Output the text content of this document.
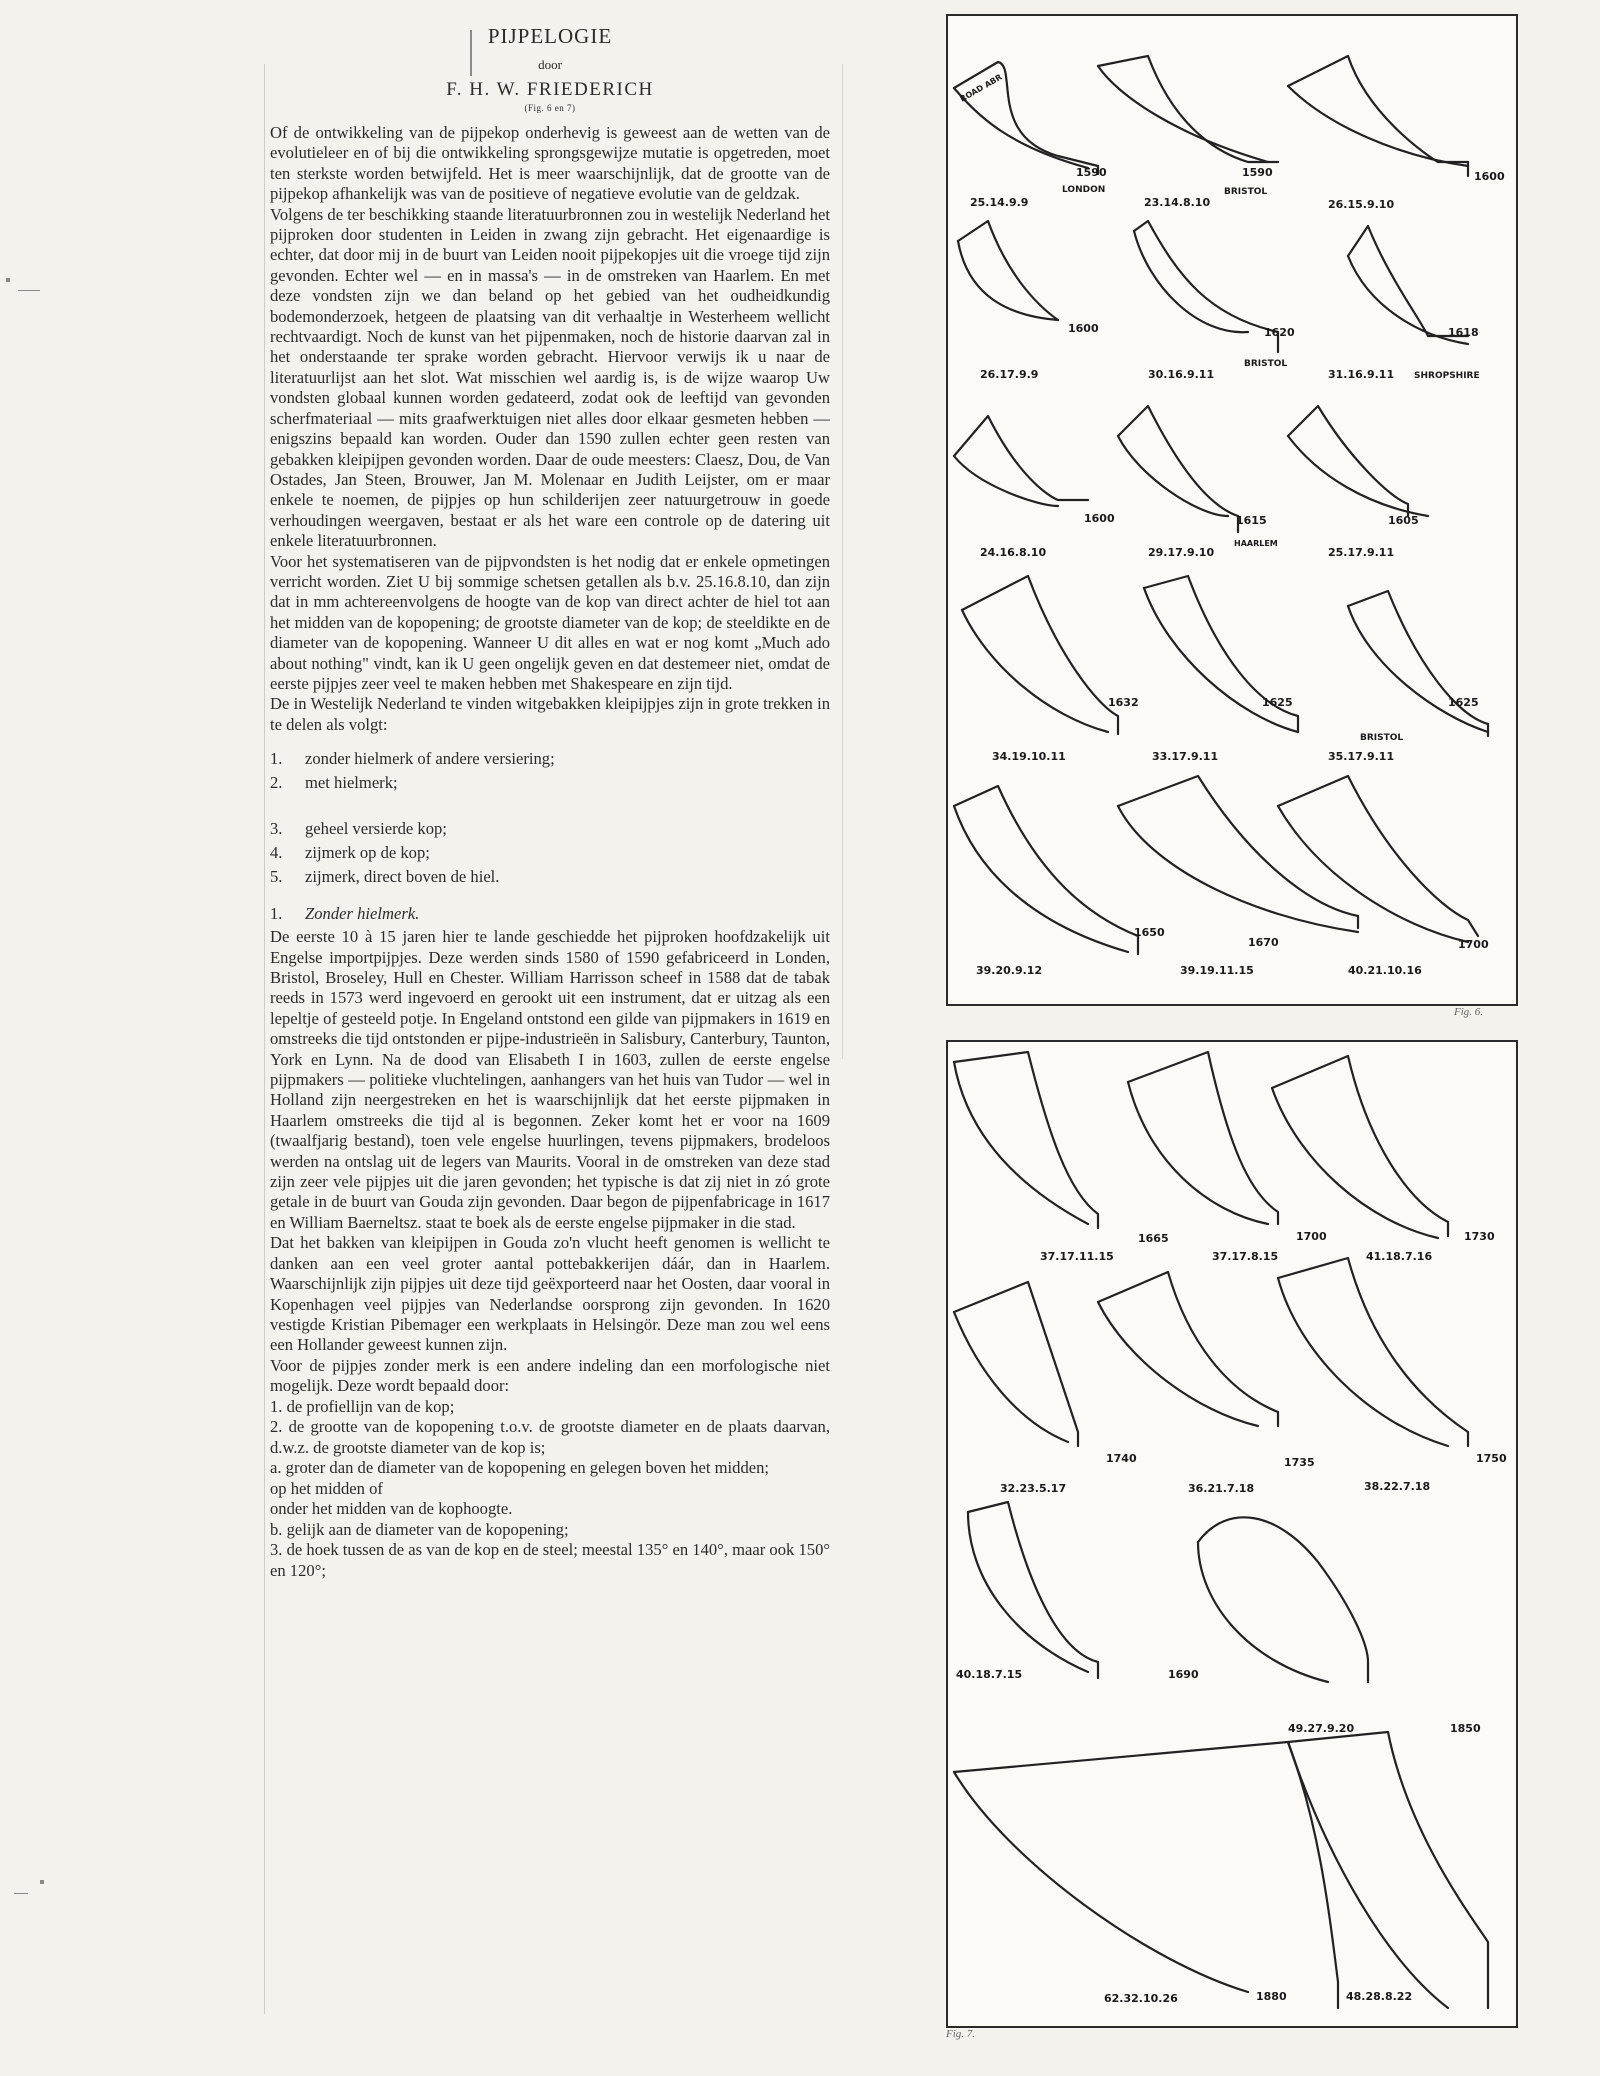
PIJPELOGIE
door
F. H. W. FRIEDERICH
(Fig. 6 en 7)

Of de ontwikkeling van de pijpekop onderhevig is geweest aan de wetten van de evolutieleer en of bij die ontwikkeling sprongsgewijze mutatie is opgetreden, moet ten sterkste worden betwijfeld. Het is meer waarschijnlijk, dat de grootte van de pijpekop afhankelijk was van de positieve of negatieve evolutie van de geldzak.

Volgens de ter beschikking staande literatuurbronnen zou in westelijk Nederland het pijproken door studenten in Leiden in zwang zijn gebracht. Het eigenaardige is echter, dat door mij in de buurt van Leiden nooit pijpekopjes uit die vroege tijd zijn gevonden. Echter wel — en in massa's — in de omstreken van Haarlem. En met deze vondsten zijn we dan beland op het gebied van het oudheidkundig bodemonderzoek, hetgeen de plaatsing van dit verhaaltje in Westerheem wellicht rechtvaardigt. Noch de kunst van het pijpenmaken, noch de historie daarvan zal in het onderstaande ter sprake worden gebracht. Hiervoor verwijs ik u naar de literatuurlijst aan het slot. Wat misschien wel aardig is, is de wijze waarop Uw vondsten globaal kunnen worden gedateerd, zodat ook de leeftijd van gevonden scherfmateriaal — mits graafwerktuigen niet alles door elkaar gesmeten hebben — enigszins bepaald kan worden. Ouder dan 1590 zullen echter geen resten van gebakken kleipijpen gevonden worden. Daar de oude meesters: Claesz, Dou, de Van Ostades, Jan Steen, Brouwer, Jan M. Molenaar en Judith Leijster, om er maar enkele te noemen, de pijpjes op hun schilderijen zeer natuurgetrouw in goede verhoudingen weergaven, bestaat er als het ware een controle op de datering uit enkele literatuurbronnen.

Voor het systematiseren van de pijpvondsten is het nodig dat er enkele opmetingen verricht worden. Ziet U bij sommige schetsen getallen als b.v. 25.16.8.10, dan zijn dat in mm achtereenvolgens de hoogte van de kop van direct achter de hiel tot aan het midden van de kopopening; de grootste diameter van de kop; de steeldikte en de diameter van de kopopening. Wanneer U dit alles en wat er nog komt „Much ado about nothing" vindt, kan ik U geen ongelijk geven en dat destemeer niet, omdat de eerste pijpjes zeer veel te maken hebben met Shakespeare en zijn tijd.

De in Westelijk Nederland te vinden witgebakken kleipijpjes zijn in grote trekken in te delen als volgt:

1.	zonder hielmerk of andere versiering;
2.	met hielmerk;
3.	geheel versierde kop;
4.	zijmerk op de kop;
5.	zijmerk, direct boven de hiel.
1. Zonder hielmerk.

De eerste 10 à 15 jaren hier te lande geschiedde het pijproken hoofdzakelijk uit Engelse importpijpjes. Deze werden sinds 1580 of 1590 gefabriceerd in Londen, Bristol, Broseley, Hull en Chester. William Harrisson scheef in 1588 dat de tabak reeds in 1573 werd ingevoerd en gerookt uit een instrument, dat er uitzag als een lepeltje of gesteeld potje. In Engeland ontstond een gilde van pijpmakers in 1619 en omstreeks die tijd ontstonden er pijpe-industrieën in Salisbury, Canterbury, Taunton, York en Lynn. Na de dood van Elisabeth I in 1603, zullen de eerste engelse pijpmakers — politieke vluchtelingen, aanhangers van het huis van Tudor — wel in Holland zijn neergestreken en het is waarschijnlijk dat het eerste pijpmaken in Haarlem omstreeks die tijd al is begonnen. Zeker komt het er voor na 1609 (twaalfjarig bestand), toen vele engelse huurlingen, tevens pijpmakers, brodeloos werden na ontslag uit de legers van Maurits. Vooral in de omstreken van deze stad zijn zeer vele pijpjes uit die jaren gevonden; het typische is dat zij niet in zó grote getale in de buurt van Gouda zijn gevonden. Daar begon de pijpenfabricage in 1617 en William Baerneltsz. staat te boek als de eerste engelse pijpmaker in die stad.

Dat het bakken van kleipijpen in Gouda zo'n vlucht heeft genomen is wellicht te danken aan een veel groter aantal pottebakkerijen dáár, dan in Haarlem. Waarschijnlijk zijn pijpjes uit deze tijd geëxporteerd naar het Oosten, daar vooral in Kopenhagen veel pijpjes van Nederlandse oorsprong zijn gevonden. In 1620 vestigde Kristian Pibemager een werkplaats in Helsingör. Deze man zou wel eens een Hollander geweest kunnen zijn.

Voor de pijpjes zonder merk is een andere indeling dan een morfologische niet mogelijk. Deze wordt bepaald door:

1. de profiellijn van de kop;
2. de grootte van de kopopening t.o.v. de grootste diameter en de plaats daarvan, d.w.z. de grootste diameter van de kop is;
a. groter dan de diameter van de kopopening en gelegen boven het midden;
op het midden of
onder het midden van de kophoogte.
b. gelijk aan de diameter van de kopopening;
3. de hoek tussen de as van de kop en de steel; meestal 135° en 140°, maar ook 150° en 120°;
ROAD ABR
1590
LONDON
25.14.9.9
1590
BRISTOL
23.14.8.10
1600
26.15.9.10
1600
26.17.9.9
1620
BRISTOL
30.16.9.11
1618
SHROPSHIRE
31.16.9.11
1600
24.16.8.10
1615
HAARLEM
29.17.9.10
1605
25.17.9.11
1632
34.19.10.11
1625
33.17.9.11
1625
BRISTOL
35.17.9.11
1650
39.20.9.12
1670
39.19.11.15
1700
40.21.10.16
Fig. 6.
1665
37.17.11.15
1700
37.17.8.15
1730
41.18.7.16
1740
32.23.5.17
1735
36.21.7.18
1750
38.22.7.18
40.18.7.15	1690
49.27.9.20	1850
62.32.10.26	1880	48.28.8.22
Fig. 7.
